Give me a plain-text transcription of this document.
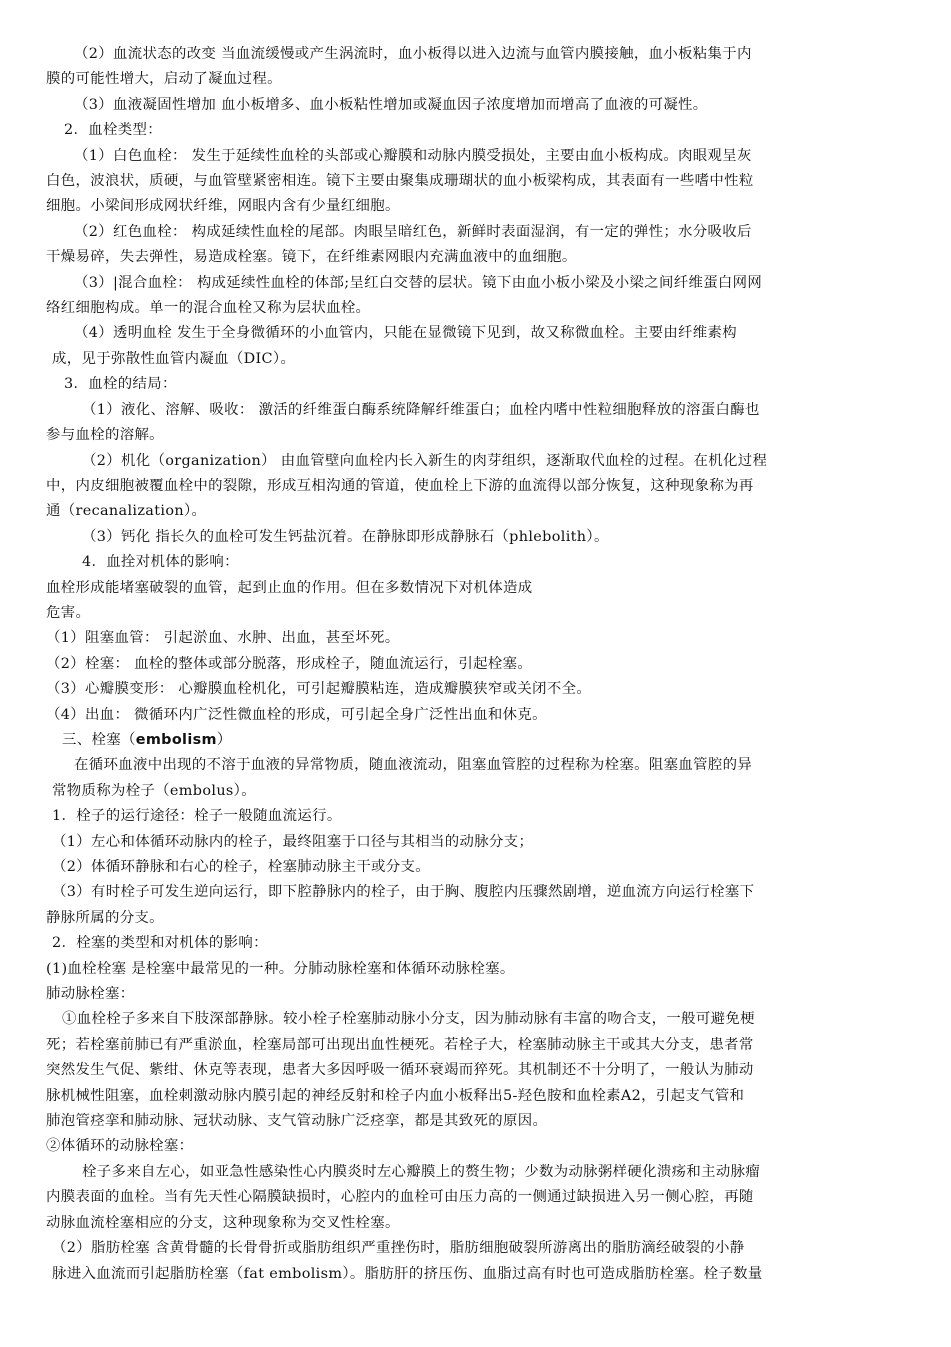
（2）血流状态的改变 当血流缓慢或产生涡流时，血小板得以进入边流与血管内膜接触，血小板粘集于内
膜的可能性增大，启动了凝血过程。
（3）血液凝固性增加 血小板增多、血小板粘性增加或凝血因子浓度增加而增高了血液的可凝性。
2．血栓类型：
（1）白色血栓： 发生于延续性血栓的头部或心瓣膜和动脉内膜受损处，主要由血小板构成。肉眼观呈灰
白色，波浪状，质硬，与血管壁紧密相连。镜下主要由聚集成珊瑚状的血小板梁构成，其表面有一些嗜中性粒
细胞。小梁间形成网状纤维，网眼内含有少量红细胞。
（2）红色血栓： 构成延续性血栓的尾部。肉眼呈暗红色，新鲜时表面湿润，有一定的弹性；水分吸收后
干燥易碎，失去弹性，易造成栓塞。镜下，在纤维素网眼内充满血液中的血细胞。
（3）|混合血栓： 构成延续性血栓的体部;呈红白交替的层状。镜下由血小板小梁及小梁之间纤维蛋白网网
络红细胞构成。单一的混合血栓又称为层状血栓。
（4）透明血栓 发生于全身微循环的小血管内，只能在显微镜下见到，故又称微血栓。主要由纤维素构
成，见于弥散性血管内凝血（DIC）。
3．血栓的结局：
（1）液化、溶解、吸收： 激活的纤维蛋白酶系统降解纤维蛋白；血栓内嗜中性粒细胞释放的溶蛋白酶也
参与血栓的溶解。
（2）机化（organization） 由血管壁向血栓内长入新生的肉芽组织，逐渐取代血栓的过程。在机化过程
中，内皮细胞被覆血栓中的裂隙，形成互相沟通的管道，使血栓上下游的血流得以部分恢复，这种现象称为再
通（recanalization）。
（3）钙化 指长久的血栓可发生钙盐沉着。在静脉即形成静脉石（phlebolith）。
4．血拴对机体的影响：
血栓形成能堵塞破裂的血管，起到止血的作用。但在多数情况下对机体造成
危害。
（1）阻塞血管： 引起淤血、水肿、出血，甚至坏死。
（2）栓塞： 血栓的整体或部分脱落，形成栓子，随血流运行，引起栓塞。
（3）心瓣膜变形： 心瓣膜血栓机化，可引起瓣膜粘连，造成瓣膜狭窄或关闭不全。
（4）出血： 微循环内广泛性微血栓的形成，可引起全身广泛性出血和休克。
三、栓塞（embolism）
在循环血液中出现的不溶于血液的异常物质，随血液流动，阻塞血管腔的过程称为栓塞。阻塞血管腔的异
常物质称为栓子（embolus）。
1．栓子的运行途径：栓子一般随血流运行。
（1）左心和体循环动脉内的栓子，最终阻塞于口径与其相当的动脉分支；
（2）体循环静脉和右心的栓子，栓塞肺动脉主干或分支。
（3）有时栓子可发生逆向运行，即下腔静脉内的栓子，由于胸、腹腔内压骤然剧增，逆血流方向运行栓塞下
静脉所属的分支。
2．栓塞的类型和对机体的影响：
(1)血栓栓塞 是栓塞中最常见的一种。分肺动脉栓塞和体循环动脉栓塞。
肺动脉栓塞：
①血栓栓子多来自下肢深部静脉。较小栓子栓塞肺动脉小分支，因为肺动脉有丰富的吻合支，一般可避免梗
死；若栓塞前肺已有严重淤血，栓塞局部可出现出血性梗死。若栓子大，栓塞肺动脉主干或其大分支，患者常
突然发生气促、紫绀、休克等表现，患者大多因呼吸一循环衰竭而猝死。其机制还不十分明了，一般认为肺动
脉机械性阻塞，血栓刺激动脉内膜引起的神经反射和栓子内血小板释出5-羟色胺和血栓素A2，引起支气管和
肺泡管痉挛和肺动脉、冠状动脉、支气管动脉广泛痉挛，都是其致死的原因。
②体循环的动脉栓塞：
栓子多来自左心，如亚急性感染性心内膜炎时左心瓣膜上的赘生物；少数为动脉粥样硬化溃疡和主动脉瘤
内膜表面的血栓。当有先天性心隔膜缺损时，心腔内的血栓可由压力高的一侧通过缺损进入另一侧心腔，再随
动脉血流栓塞相应的分支，这种现象称为交叉性栓塞。
（2）脂肪栓塞 含黄骨髓的长骨骨折或脂肪组织严重挫伤时，脂肪细胞破裂所游离出的脂肪滴经破裂的小静
脉进入血流而引起脂肪栓塞（fat embolism）。脂肪肝的挤压伤、血脂过高有时也可造成脂肪栓塞。栓子数量
